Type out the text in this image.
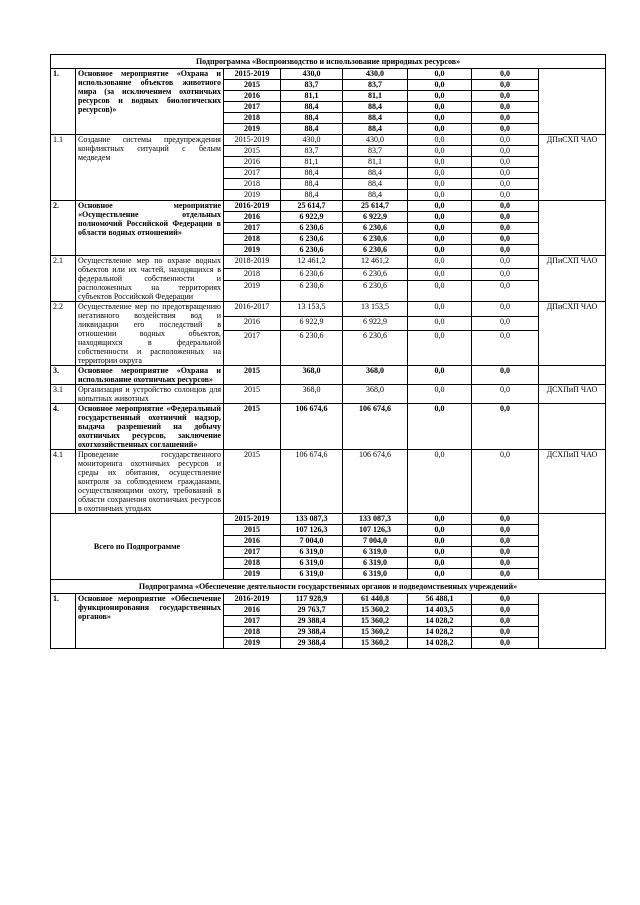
Подпрограмма «Воспроизводство и использование природных ресурсов»							
1.	Основное мероприятие «Охрана и использование объектов животного мира (за исключением охотничьих ресурсов и водных биологических ресурсов)»	2015-2019	430,0	430,0	0,0	0,0	
		2015	83,7	83,7	0,0	0,0	
		2016	81,1	81,1	0,0	0,0	
		2017	88,4	88,4	0,0	0,0	
		2018	88,4	88,4	0,0	0,0	
		2019	88,4	88,4	0,0	0,0	
1.1	Создание системы предупреждения конфликтных ситуаций с белым медведем	2015-2019	430,0	430,0	0,0	0,0	ДПиСХП ЧАО
		2015	83,7	83,7	0,0	0,0	
		2016	81,1	81,1	0,0	0,0	
		2017	88,4	88,4	0,0	0,0	
		2018	88,4	88,4	0,0	0,0	
		2019	88,4	88,4	0,0	0,0	
2.	Основное мероприятие «Осуществление отдельных полномочий Российской Федерации в области водных отношений»	2016-2019	25 614,7	25 614,7	0,0	0,0	
		2016	6 922,9	6 922,9	0,0	0,0	
		2017	6 230,6	6 230,6	0,0	0,0	
		2018	6 230,6	6 230,6	0,0	0,0	
		2019	6 230,6	6 230,6	0,0	0,0	
2.1	Осуществление мер по охране водных объектов или их частей, находящихся в федеральной собственности и расположенных на территориях субъектов Российской Федерации	2018-2019	12 461,2	12 461,2	0,0	0,0	ДПиСХП ЧАО
		2018	6 230,6	6 230,6	0,0	0,0	
		2019	6 230,6	6 230,6	0,0	0,0	
2.2	Осуществление мер по предотвращению негативного воздействия вод и ликвидации его последствий в отношении водных объектов, находящихся в федеральной собственности и расположенных на территории округа	2016-2017	13 153,5	13 153,5	0,0	0,0	ДПиСХП ЧАО
		2016	6 922,9	6 922,9	0,0	0,0	
		2017	6 230,6	6 230,6	0,0	0,0	
3.	Основное мероприятие «Охрана и использование охотничьих ресурсов»	2015	368,0	368,0	0,0	0,0	
3.1	Организация и устройство солонцов для копытных животных	2015	368,0	368,0	0,0	0,0	ДСХПиП ЧАО
4.	Основное мероприятие «Федеральный государственный охотничий надзор, выдача разрешений на добычу охотничьих ресурсов, заключение охотхозяйственных соглашений»	2015	106 674,6	106 674,6	0,0	0,0	
4.1	Проведение государственного мониторинга охотничьих ресурсов и среды их обитания, осуществление контроля за соблюдением гражданами, осуществляющими охоту, требований в области сохранения охотничьих ресурсов в охотничьих угодьях	2015	106 674,6	106 674,6	0,0	0,0	ДСХПиП ЧАО
Всего по Подпрограмме		2015-2019	133 087,3	133 087,3	0,0	0,0	
		2015	107 126,3	107 126,3	0,0	0,0	
		2016	7 004,0	7 004,0	0,0	0,0	
		2017	6 319,0	6 319,0	0,0	0,0	
		2018	6 319,0	6 319,0	0,0	0,0	
		2019	6 319,0	6 319,0	0,0	0,0	
Подпрограмма «Обеспечение деятельности государственных органов и подведомственных учреждений»							
1.	Основное мероприятие «Обеспечение функционирования государственных органов»	2016-2019	117 928,9	61 440,8	56 488,1	0,0	
		2016	29 763,7	15 360,2	14 403,5	0,0	
		2017	29 388,4	15 360,2	14 028,2	0,0	
		2018	29 388,4	15 360,2	14 028,2	0,0	
		2019	29 388,4	15 360,2	14 028,2	0,0	
